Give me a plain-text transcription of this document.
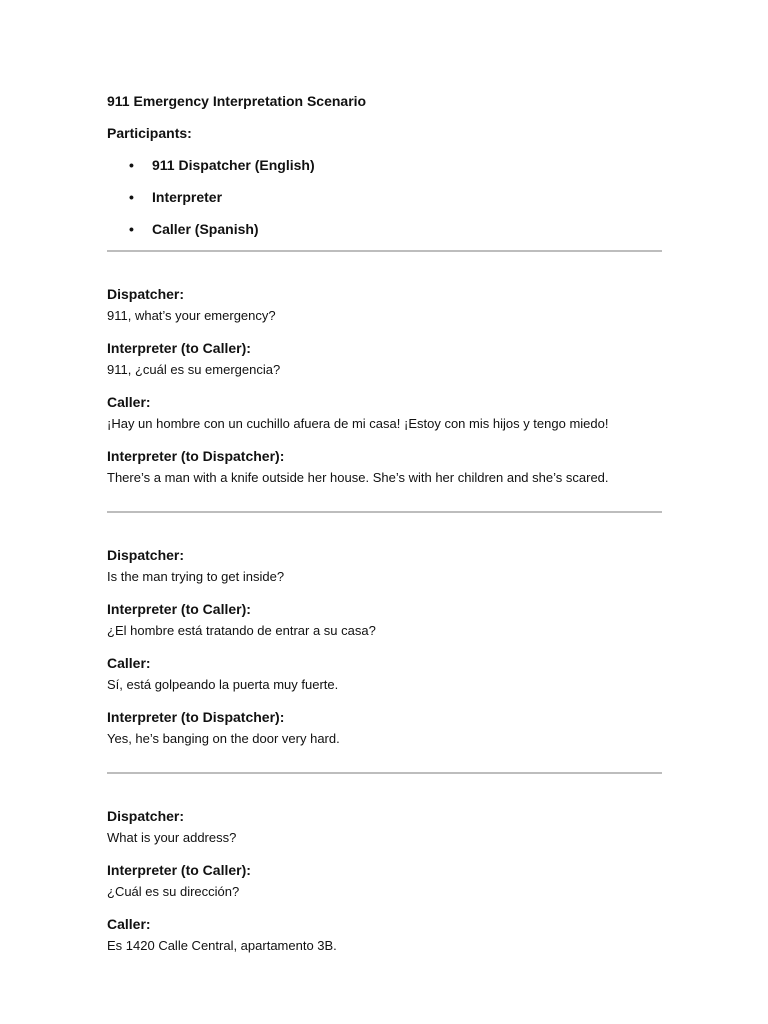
911 Emergency Interpretation Scenario
Participants:
• 911 Dispatcher (English)
• Interpreter
• Caller (Spanish)
Dispatcher:
911, what’s your emergency?
Interpreter (to Caller):
911, ¿cuál es su emergencia?
Caller:
¡Hay un hombre con un cuchillo afuera de mi casa! ¡Estoy con mis hijos y tengo miedo!
Interpreter (to Dispatcher):
There’s a man with a knife outside her house. She’s with her children and she’s scared.
Dispatcher:
Is the man trying to get inside?
Interpreter (to Caller):
¿El hombre está tratando de entrar a su casa?
Caller:
Sí, está golpeando la puerta muy fuerte.
Interpreter (to Dispatcher):
Yes, he’s banging on the door very hard.
Dispatcher:
What is your address?
Interpreter (to Caller):
¿Cuál es su dirección?
Caller:
Es 1420 Calle Central, apartamento 3B.
